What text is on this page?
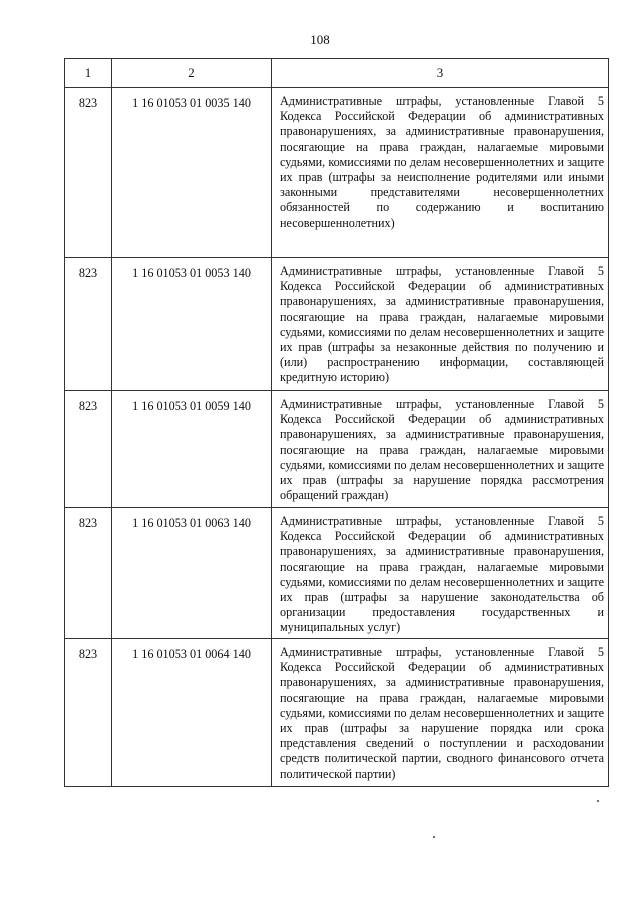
108
1	2	3
823	1 16 01053 01 0035 140	Административные штрафы, установленные Главой 5 Кодекса Российской Федерации об административных правонарушениях, за административные правонарушения, посягающие на права граждан, налагаемые мировыми судьями, комиссиями по делам несовершеннолетних и защите их прав (штрафы за неисполнение родителями или иными законными представителями несовершеннолетних обязанностей по содержанию и воспитанию несовершеннолетних)
823	1 16 01053 01 0053 140	Административные штрафы, установленные Главой 5 Кодекса Российской Федерации об административных правонарушениях, за административные правонарушения, посягающие на права граждан, налагаемые мировыми судьями, комиссиями по делам несовершеннолетних и защите их прав (штрафы за незаконные действия по получению и (или) распространению информации, составляющей кредитную историю)
823	1 16 01053 01 0059 140	Административные штрафы, установленные Главой 5 Кодекса Российской Федерации об административных правонарушениях, за административные правонарушения, посягающие на права граждан, налагаемые мировыми судьями, комиссиями по делам несовершеннолетних и защите их прав (штрафы за нарушение порядка рассмотрения обращений граждан)
823	1 16 01053 01 0063 140	Административные штрафы, установленные Главой 5 Кодекса Российской Федерации об административных правонарушениях, за административные правонарушения, посягающие на права граждан, налагаемые мировыми судьями, комиссиями по делам несовершеннолетних и защите их прав (штрафы за нарушение законодательства об организации предоставления государственных и муниципальных услуг)
823	1 16 01053 01 0064 140	Административные штрафы, установленные Главой 5 Кодекса Российской Федерации об административных правонарушениях, за административные правонарушения, посягающие на права граждан, налагаемые мировыми судьями, комиссиями по делам несовершеннолетних и защите их прав (штрафы за нарушение порядка или срока представления сведений о поступлении и расходовании средств политической партии, сводного финансового отчета политической партии)
